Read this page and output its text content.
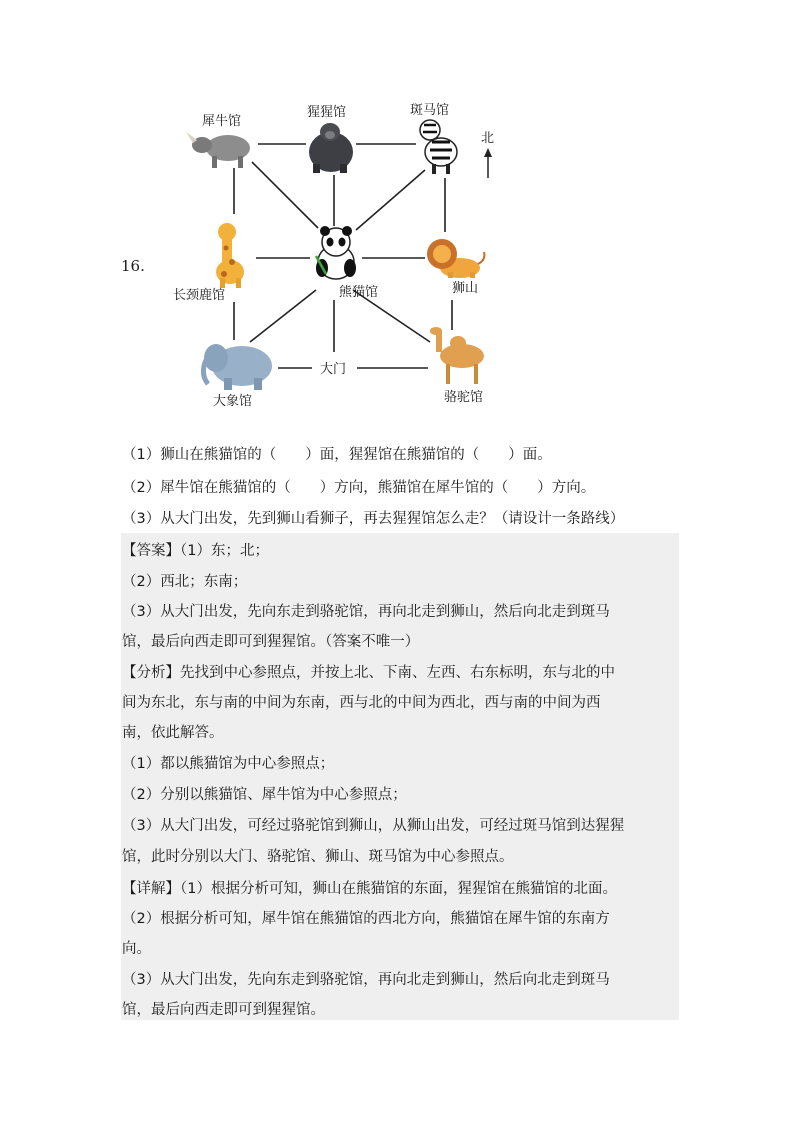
16.
北
犀牛馆
猩猩馆	斑马馆
长颈鹿馆	熊猫馆	狮山
大象馆
大门
骆驼馆
（1）狮山在熊猫馆的（　　）面，猩猩馆在熊猫馆的（　　）面。
（2）犀牛馆在熊猫馆的（　　）方向，熊猫馆在犀牛馆的（　　）方向。
（3）从大门出发，先到狮山看狮子，再去猩猩馆怎么走？（请设计一条路线）
【答案】（1）东；北；
（2）西北；东南；
（3）从大门出发，先向东走到骆驼馆，再向北走到狮山，然后向北走到斑马
馆，最后向西走即可到猩猩馆。（答案不唯一）
【分析】先找到中心参照点，并按上北、下南、左西、右东标明，东与北的中
间为东北，东与南的中间为东南，西与北的中间为西北，西与南的中间为西
南，依此解答。
（1）都以熊猫馆为中心参照点；
（2）分别以熊猫馆、犀牛馆为中心参照点；
（3）从大门出发，可经过骆驼馆到狮山，从狮山出发，可经过斑马馆到达猩猩
馆，此时分别以大门、骆驼馆、狮山、斑马馆为中心参照点。
【详解】（1）根据分析可知，狮山在熊猫馆的东面，猩猩馆在熊猫馆的北面。
（2）根据分析可知，犀牛馆在熊猫馆的西北方向，熊猫馆在犀牛馆的东南方
向。
（3）从大门出发，先向东走到骆驼馆，再向北走到狮山，然后向北走到斑马
馆，最后向西走即可到猩猩馆。
